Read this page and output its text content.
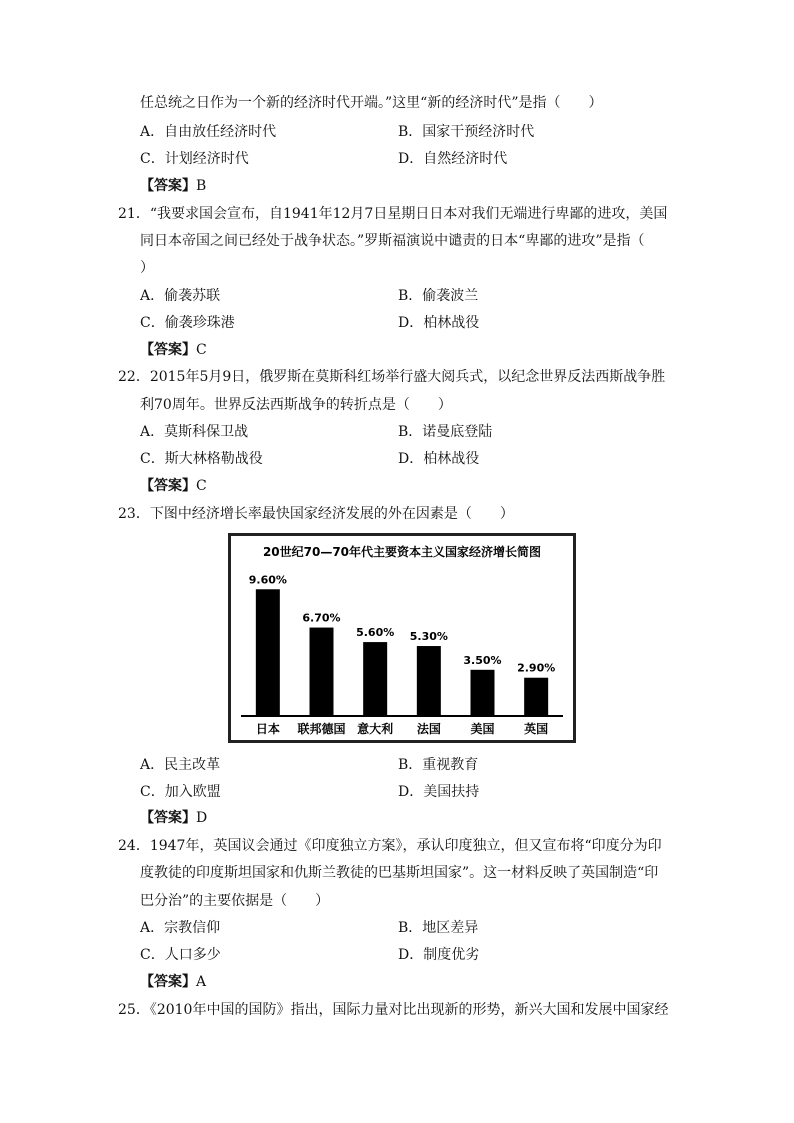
任总统之日作为一个新的经济时代开端。”这里“新的经济时代”是指（　　）
A．自由放任经济时代	B．国家干预经济时代
C．计划经济时代	D．自然经济时代
【答案】B
21．“我要求国会宣布，自1941年12月7日星期日日本对我们无端进行卑鄙的进攻，美国
同日本帝国之间已经处于战争状态。”罗斯福演说中谴责的日本“卑鄙的进攻”是指（
）
A．偷袭苏联	B．偷袭波兰
C．偷袭珍珠港	D．柏林战役
【答案】C
22．2015年5月9日，俄罗斯在莫斯科红场举行盛大阅兵式，以纪念世界反法西斯战争胜
利70周年。世界反法西斯战争的转折点是（　　）
A．莫斯科保卫战	B．诺曼底登陆
C．斯大林格勒战役	D．柏林战役
【答案】C
23．下图中经济增长率最快国家经济发展的外在因素是（　　）
20世纪70—70年代主要资本主义国家经济增长简图
9.60%
日本
6.70%
联邦德国
5.60%
意大利
5.30%
法国
3.50%
美国
2.90%
英国
A．民主改革	B．重视教育
C．加入欧盟	D．美国扶持
【答案】D
24．1947年，英国议会通过《印度独立方案》，承认印度独立，但又宣布将“印度分为印
度教徒的印度斯坦国家和仇斯兰教徒的巴基斯坦国家”。这一材料反映了英国制造“印
巴分治”的主要依据是（　　）
A．宗教信仰	B．地区差异
C．人口多少	D．制度优劣
【答案】A
25．《2010年中国的国防》指出，国际力量对比出现新的形势，新兴大国和发展中国家经
